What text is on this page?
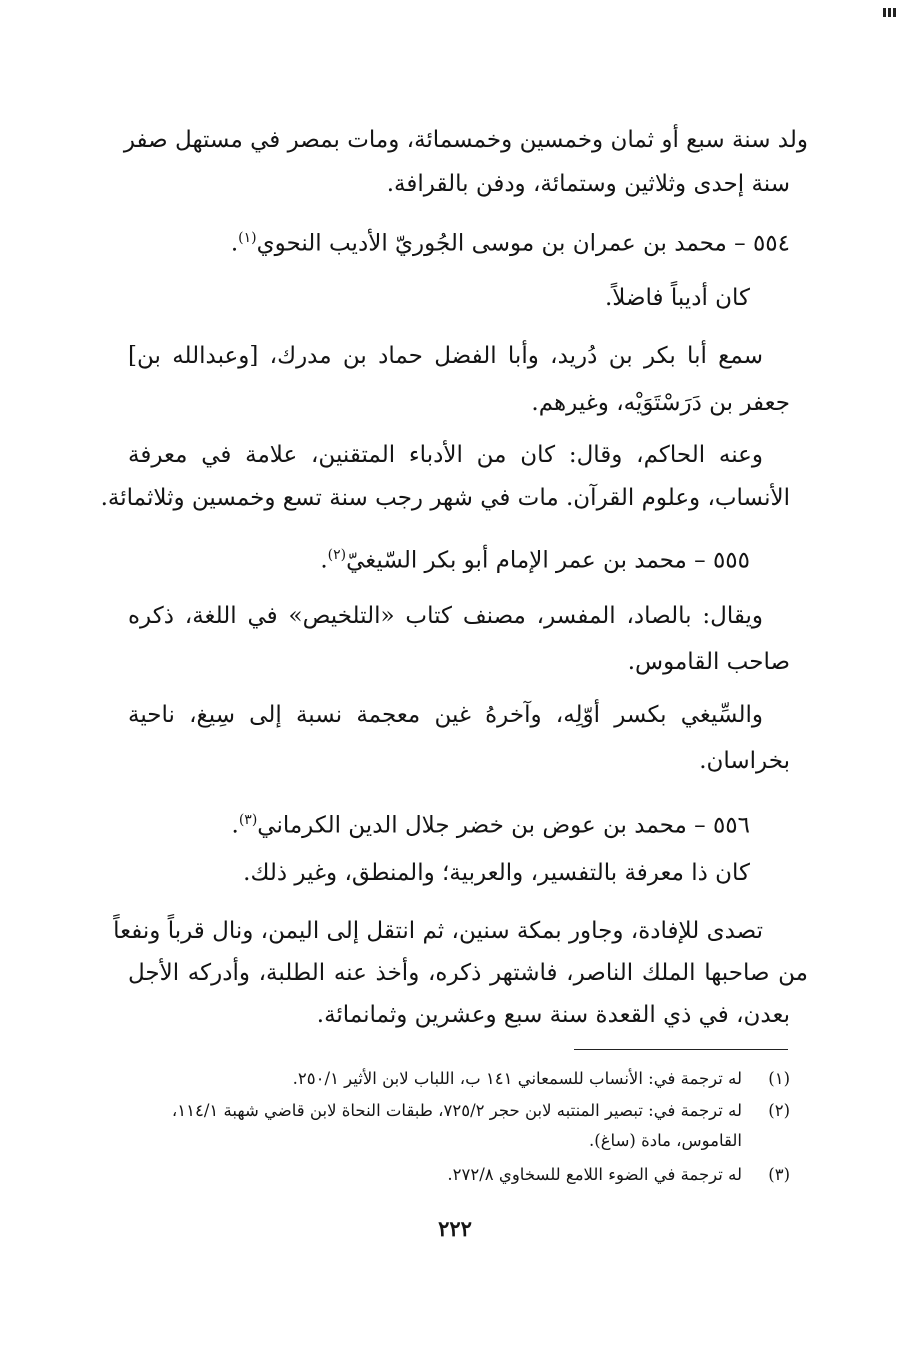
ولد سنة سبع أو ثمان وخمسين وخمسمائة، ومات بمصر في مستهل صفر
سنة إحدى وثلاثين وستمائة، ودفن بالقرافة.
٥٥٤ – محمد بن عمران بن موسى الجُوريّ الأديب النحوي$^{(١)}$.
كان أديباً فاضلاً.
سمع أبا بكر بن دُريد، وأبا الفضل حماد بن مدرك، [وعبدالله بن]
جعفر بن دَرَسْتَوَيْه، وغيرهم.
وعنه الحاكم، وقال: كان من الأدباء المتقنين، علامة في معرفة
الأنساب، وعلوم القرآن. مات في شهر رجب سنة تسع وخمسين وثلاثمائة.
٥٥٥ – محمد بن عمر الإمام أبو بكر السّيغيّ$^{(٢)}$.
ويقال: بالصاد، المفسر، مصنف كتاب «التلخيص» في اللغة، ذكره
صاحب القاموس.
والسِّيغي بكسر أوّلِه، وآخرهُ غين معجمة نسبة إلى سِيغ، ناحية
بخراسان.
٥٥٦ – محمد بن عوض بن خضر جلال الدين الكرماني$^{(٣)}$.
كان ذا معرفة بالتفسير، والعربية؛ والمنطق، وغير ذلك.
تصدى للإفادة، وجاور بمكة سنين، ثم انتقل إلى اليمن، ونال قرباً ونفعاً
من صاحبها الملك الناصر، فاشتهر ذكره، وأخذ عنه الطلبة، وأدركه الأجل
بعدن، في ذي القعدة سنة سبع وعشرين وثمانمائة.
(١)له ترجمة في: الأنساب للسمعاني ١٤١ ب، اللباب لابن الأثير ٢٥٠/١.
(٢)له ترجمة في: تبصير المنتبه لابن حجر ٧٢٥/٢، طبقات النحاة لابن قاضي شهبة ١١٤/١،
القاموس، مادة (ساغ).
(٣)له ترجمة في الضوء اللامع للسخاوي ٢٧٢/٨.
٢٢٢
